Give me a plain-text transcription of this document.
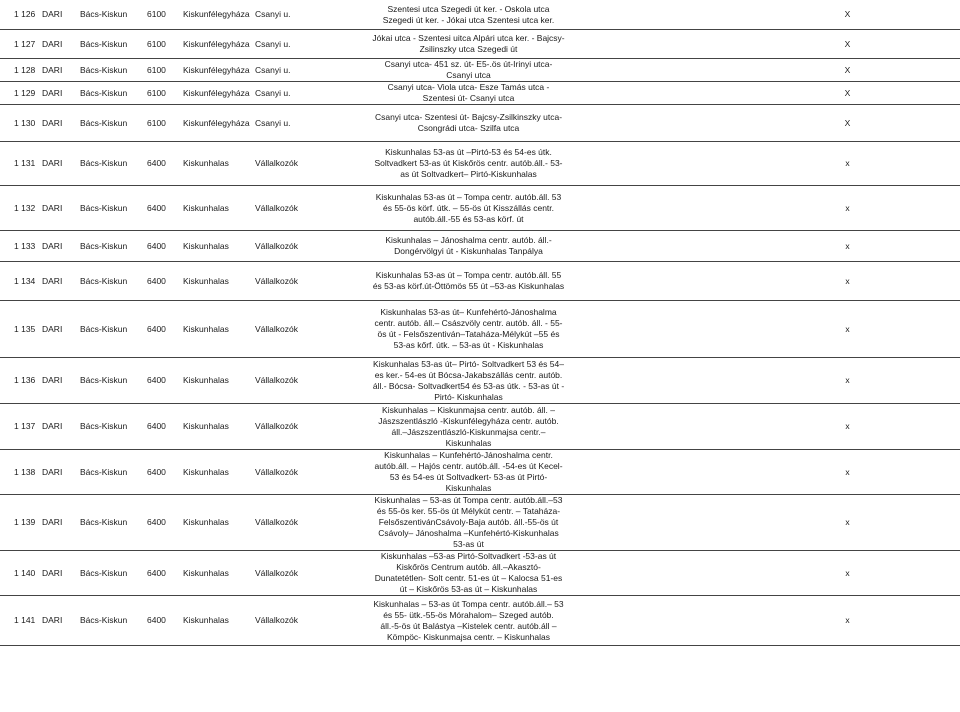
1 126	DARI	Bács-Kiskun	6100	Kiskunfélegyháza	Csanyi u.	Szentesi utca Szegedi út ker. - Oskola utca Szegedi út ker. - Jókai utca Szentesi utca ker.		X
1 127	DARI	Bács-Kiskun	6100	Kiskunfélegyháza	Csanyi u.	Jókai utca - Szentesi uitca Alpári utca ker. - Bajcsy-Zsilinszky utca Szegedi út		X
1 128	DARI	Bács-Kiskun	6100	Kiskunfélegyháza	Csanyi u.	Csanyi utca- 451 sz. út- E5-.ös út-Irinyi utca-Csanyi utca		X
1 129	DARI	Bács-Kiskun	6100	Kiskunfélegyháza	Csanyi u.	Csanyi utca- Viola utca- Esze Tamás utca - Szentesi út- Csanyi utca		X
1 130	DARI	Bács-Kiskun	6100	Kiskunfélegyháza	Csanyi u.	Csanyi utca- Szentesi út- Bajcsy-Zsilkinszky utca-Csongrádi utca- Szilfa utca		X
1 131	DARI	Bács-Kiskun	6400	Kiskunhalas	Vállalkozók	Kiskunhalas 53-as út –Pirtó-53 és 54-es útk. Soltvadkert 53-as út Kiskőrös centr. autób.áll.- 53-as út Soltvadkert– Pirtó-Kiskunhalas		x
1 132	DARI	Bács-Kiskun	6400	Kiskunhalas	Vállalkozók	Kiskunhalas 53-as út – Tompa centr. autób.áll. 53 és 55-ös körf. útk. – 55-ös út Kisszállás centr. autób.áll.-55 és 53-as körf. út		x
1 133	DARI	Bács-Kiskun	6400	Kiskunhalas	Vállalkozók	Kiskunhalas – Jánoshalma centr. autób. áll.- Dongérvölgyi út - Kiskunhalas Tanpálya		x
1 134	DARI	Bács-Kiskun	6400	Kiskunhalas	Vállalkozók	Kiskunhalas 53-as út – Tompa centr. autób.áll. 55 és 53-as körf.út-Öttömös 55 út –53-as Kiskunhalas		x
1 135	DARI	Bács-Kiskun	6400	Kiskunhalas	Vállalkozók	Kiskunhalas 53-as út– Kunfehértó-Jánoshalma centr. autób. áll.– Császvöly centr. autób. áll. - 55-ös út - Felsőszentiván–Tataháza-Mélykút –55 és 53-as kőrf. útk. – 53-as út - Kiskunhalas		x
1 136	DARI	Bács-Kiskun	6400	Kiskunhalas	Vállalkozók	Kiskunhalas 53-as út– Pirtó- Soltvadkert 53 és 54– es ker.- 54-es út Bócsa-Jakabszállás centr. autób. áll.- Bócsa- Soltvadkert54 és 53-as útk. - 53-as út - Pirtó- Kiskunhalas		x
1 137	DARI	Bács-Kiskun	6400	Kiskunhalas	Vállalkozók	Kiskunhalas – Kiskunmajsa centr. autób. áll. – Jászszentlászló -Kiskunfélegyháza centr. autób. áll.–Jászszentlászló-Kiskunmajsa centr.– Kiskunhalas		x
1 138	DARI	Bács-Kiskun	6400	Kiskunhalas	Vállalkozók	Kiskunhalas – Kunfehértó-Jánoshalma centr. autób.áll. – Hajós centr. autób.áll. -54-es út Kecel-53 és 54-es út Soltvadkert- 53-as út Pirtó-Kiskunhalas		x
1 139	DARI	Bács-Kiskun	6400	Kiskunhalas	Vállalkozók	Kiskunhalas – 53-as út Tompa centr. autób.áll.–53 és 55-ös ker. 55-ös út Mélykút centr. – Tataháza- FelsőszentivánCsávoly-Baja autób. áll.-55-ös út Csávoly– Jánoshalma –Kunfehértó-Kiskunhalas 53-as út		x
1 140	DARI	Bács-Kiskun	6400	Kiskunhalas	Vállalkozók	Kiskunhalas –53-as Pirtó-Soltvadkert -53-as út Kiskőrös Centrum autób. áll.–Akasztó-Dunatetétlen- Solt centr. 51-es út – Kalocsa 51-es út – Kiskőrös 53-as út – Kiskunhalas		x
1 141	DARI	Bács-Kiskun	6400	Kiskunhalas	Vállalkozók	Kiskunhalas – 53-as út Tompa centr. autób.áll.– 53 és 55- ütk.-55-ös Mórahalom– Szeged autób. áll.-5-ös út Balástya –Kistelek centr. autób.áll –Kömpöc- Kiskunmajsa centr. – Kiskunhalas		x
